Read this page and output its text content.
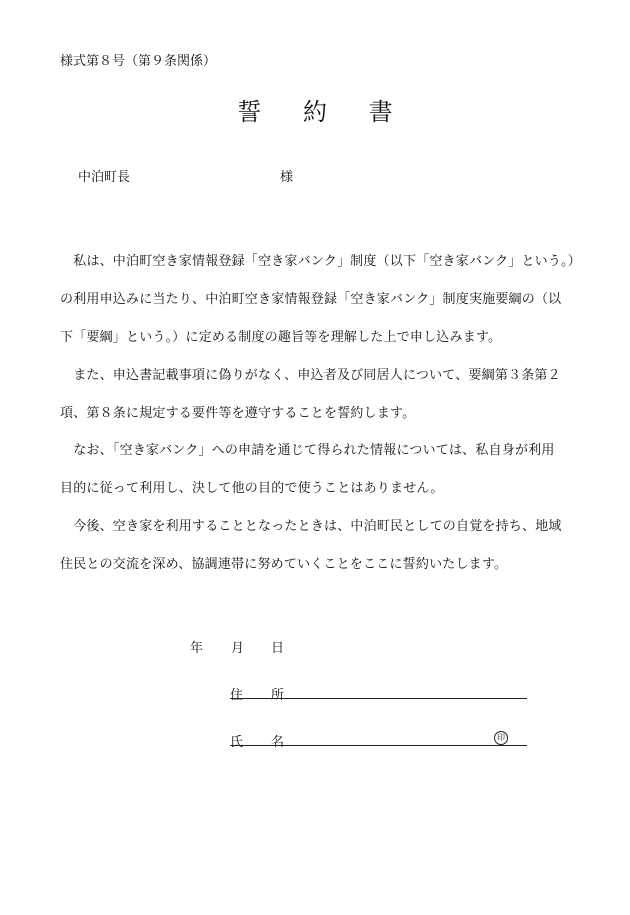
様式第８号（第９条関係）
誓 約 書
中泊町長	様
　私は、中泊町空き家情報登録「空き家バンク」制度（以下「空き家バンク」という。）
の利用申込みに当たり、中泊町空き家情報登録「空き家バンク」制度実施要綱の（以
下「要綱」という。）に定める制度の趣旨等を理解した上で申し込みます。
　また、申込書記載事項に偽りがなく、申込者及び同居人について、要綱第３条第２
項、第８条に規定する要件等を遵守することを誓約します。
　なお、「空き家バンク」への申請を通じて得られた情報については、私自身が利用
目的に従って利用し、決して他の目的で使うことはありません。
　今後、空き家を利用することとなったときは、中泊町民としての自覚を持ち、地域
住民との交流を深め、協調連帯に努めていくことをここに誓約いたします。
年 月 日
住 所
氏 名	印
